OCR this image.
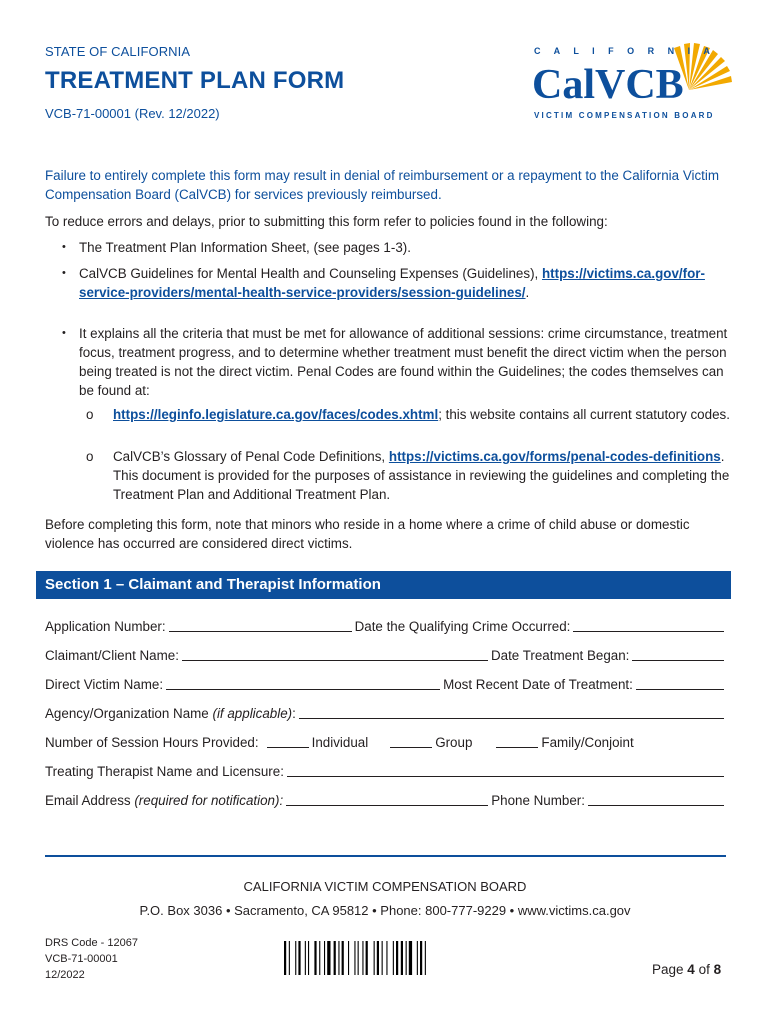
STATE OF CALIFORNIA
TREATMENT PLAN FORM
VCB-71-00001 (Rev. 12/2022)
C A L I F O R N I A
CalVCB
VICTIM COMPENSATION BOARD
Failure to entirely complete this form may result in denial of reimbursement or a repayment to the California Victim Compensation Board (CalVCB) for services previously reimbursed.
To reduce errors and delays, prior to submitting this form refer to policies found in the following:
• The Treatment Plan Information Sheet, (see pages 1-3).
• CalVCB Guidelines for Mental Health and Counseling Expenses (Guidelines), https://victims.ca.gov/for-service-providers/mental-health-service-providers/session-guidelines/.
• It explains all the criteria that must be met for allowance of additional sessions: crime circumstance, treatment focus, treatment progress, and to determine whether treatment must benefit the direct victim when the person being treated is not the direct victim. Penal Codes are found within the Guidelines; the codes themselves can be found at:
o https://leginfo.legislature.ca.gov/faces/codes.xhtml; this website contains all current statutory codes.
o CalVCB’s Glossary of Penal Code Definitions, https://victims.ca.gov/forms/penal-codes-definitions. This document is provided for the purposes of assistance in reviewing the guidelines and completing the Treatment Plan and Additional Treatment Plan.
Before completing this form, note that minors who reside in a home where a crime of child abuse or domestic violence has occurred are considered direct victims.
Section 1 – Claimant and Therapist Information
Application Number:	Date the Qualifying Crime Occurred:
Claimant/Client Name:	Date Treatment Began:
Direct Victim Name:	Most Recent Date of Treatment:
Agency/Organization Name (if applicable):
Number of Session Hours Provided:	Individual	Group	Family/Conjoint
Treating Therapist Name and Licensure:
Email Address (required for notification):	Phone Number:
CALIFORNIA VICTIM COMPENSATION BOARD
P.O. Box 3036 • Sacramento, CA 95812 • Phone: 800-777-9229 • www.victims.ca.gov
DRS Code - 12067
VCB-71-00001
12/2022	Page 4 of 8
